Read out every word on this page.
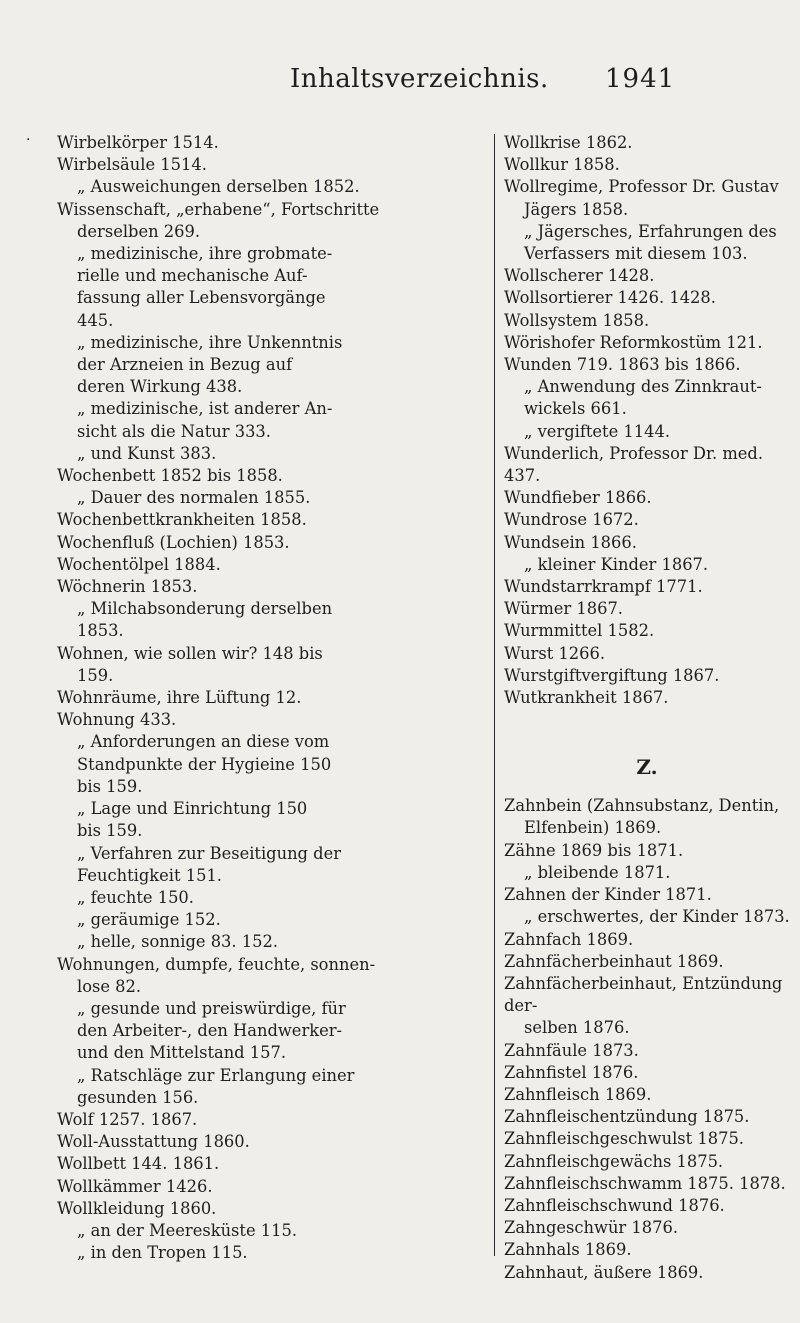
Inhaltsverzeichnis. 1941
· Wirbelkörper 1514.
Wirbelsäule 1514.
„ Ausweichungen derselben 1852.
Wissenschaft, „erhabene“, Fortschritte
derselben 269.
„ medizinische, ihre grobmate-
rielle und mechanische Auf-
fassung aller Lebensvorgänge
445.
„ medizinische, ihre Unkenntnis
der Arzneien in Bezug auf
deren Wirkung 438.
„ medizinische, ist anderer An-
sicht als die Natur 333.
„ und Kunst 383.
Wochenbett 1852 bis 1858.
„ Dauer des normalen 1855.
Wochenbettkrankheiten 1858.
Wochenfluß (Lochien) 1853.
Wochentölpel 1884.
Wöchnerin 1853.
„ Milchabsonderung derselben
1853.
Wohnen, wie sollen wir? 148 bis
159.
Wohnräume, ihre Lüftung 12.
Wohnung 433.
„ Anforderungen an diese vom
Standpunkte der Hygieine 150
bis 159.
„ Lage und Einrichtung 150
bis 159.
„ Verfahren zur Beseitigung der
Feuchtigkeit 151.
„ feuchte 150.
„ geräumige 152.
„ helle, sonnige 83. 152.
Wohnungen, dumpfe, feuchte, sonnen-
lose 82.
„ gesunde und preiswürdige, für
den Arbeiter-, den Handwerker-
und den Mittelstand 157.
„ Ratschläge zur Erlangung einer
gesunden 156.
Wolf 1257. 1867.
Woll-Ausstattung 1860.
Wollbett 144. 1861.
Wollkämmer 1426.
Wollkleidung 1860.
„ an der Meeresküste 115.
„ in den Tropen 115.
Wollkrise 1862.
Wollkur 1858.
Wollregime, Professor Dr. Gustav
Jägers 1858.
„ Jägersches, Erfahrungen des
Verfassers mit diesem 103.
Wollscherer 1428.
Wollsortierer 1426. 1428.
Wollsystem 1858.
Wörishofer Reformkostüm 121.
Wunden 719. 1863 bis 1866.
„ Anwendung des Zinnkraut-
wickels 661.
„ vergiftete 1144.
Wunderlich, Professor Dr. med. 437.
Wundfieber 1866.
Wundrose 1672.
Wundsein 1866.
„ kleiner Kinder 1867.
Wundstarrkrampf 1771.
Würmer 1867.
Wurmmittel 1582.
Wurst 1266.
Wurstgiftvergiftung 1867.
Wutkrankheit 1867.
Z.
Zahnbein (Zahnsubstanz, Dentin,
Elfenbein) 1869.
Zähne 1869 bis 1871.
„ bleibende 1871.
Zahnen der Kinder 1871.
„ erschwertes, der Kinder 1873.
Zahnfach 1869.
Zahnfächerbeinhaut 1869.
Zahnfächerbeinhaut, Entzündung der-
selben 1876.
Zahnfäule 1873.
Zahnfistel 1876.
Zahnfleisch 1869.
Zahnfleischentzündung 1875.
Zahnfleischgeschwulst 1875.
Zahnfleischgewächs 1875.
Zahnfleischschwamm 1875. 1878.
Zahnfleischschwund 1876.
Zahngeschwür 1876.
Zahnhals 1869.
Zahnhaut, äußere 1869.
